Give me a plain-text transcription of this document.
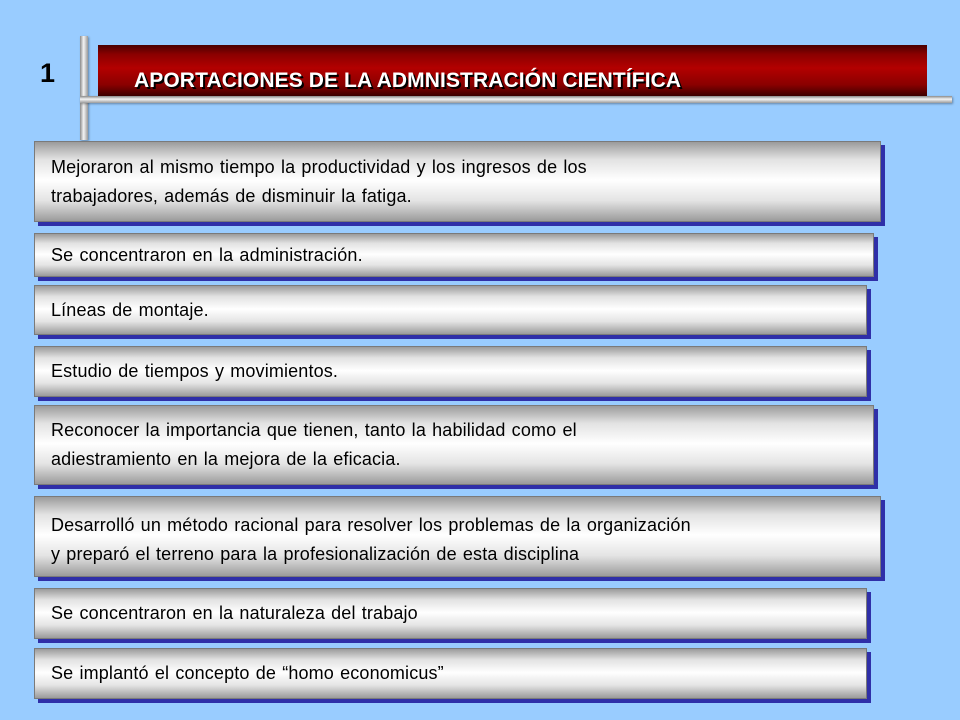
1	APORTACIONES DE LA ADMNISTRACIÓN CIENTÍFICA
Mejoraron al mismo tiempo la productividad y los ingresos de los
trabajadores, además de disminuir la fatiga.
Se concentraron en la administración.
Líneas de montaje.
Estudio de tiempos y movimientos.
Reconocer la importancia que tienen, tanto la habilidad como el
adiestramiento en la mejora de la eficacia.
Desarrolló un método racional para resolver los problemas de la organización
y preparó el terreno para la profesionalización de esta disciplina
Se concentraron en la naturaleza del trabajo
Se implantó el concepto de “homo economicus”
